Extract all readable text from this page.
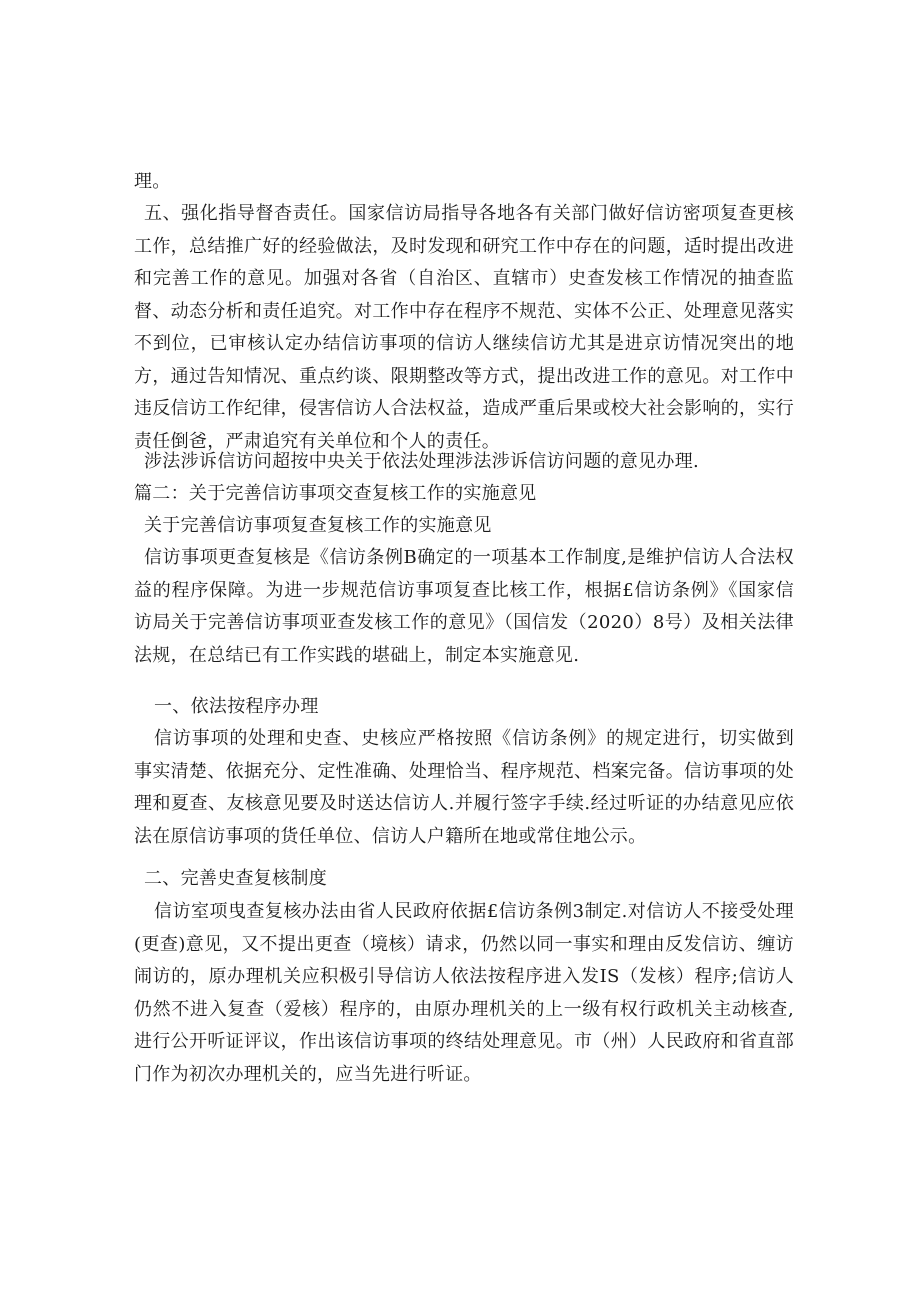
理。

五、强化指导督杳责任。国家信访局指导各地各有关部门做好信访密项复查更核工作，总结推广好的经验做法，及时发现和研究工作中存在的问题，适时提出改进和完善工作的意见。加强对各省（自治区、直辖市）史查发核工作情况的抽查监督、动态分析和责任追究。对工作中存在程序不规范、实体不公正、处理意见落实不到位，已审核认定办结信访事项的信访人继续信访尤其是进京访情况突出的地方，通过告知情况、重点约谈、限期整改等方式，提出改进工作的意见。对工作中违反信访工作纪律，侵害信访人合法权益，造成严重后果或校大社会影响的，实行责任倒爸，严肃追究有关单位和个人的责任。

涉法涉诉信访问超按中央关于依法处理涉法涉诉信访问题的意见办理.

篇二：关于完善信访事项交查复核工作的实施意见

关于完善信访事项复查复核工作的实施意见

信访事项更查复核是《信访条例B确定的一项基本工作制度,是维护信访人合法权益的程序保障。为进一步规范信访事项复查比核工作，根据£信访条例》《国家信访局关于完善信访事项亚查发核工作的意见》（国信发（2020）8号）及相关法律法规，在总结已有工作实践的堪础上，制定本实施意见.

一、依法按程序办理

信访事项的处理和史查、史核应严格按照《信访条例》的规定进行，切实做到事实清楚、依据充分、定性准确、处理恰当、程序规范、档案完备。信访事项的处理和夏查、友核意见要及时送达信访人.并履行签字手续.经过听证的办结意见应依法在原信访事项的货任单位、信访人户籍所在地或常住地公示。

二、完善史查复核制度

信访室项曳查复核办法由省人民政府依据£信访条例3制定.对信访人不接受处理(更查)意见，又不提出更查（境核）请求，仍然以同一事实和理由反发信访、缠访闹访的，原办理机关应积极引导信访人依法按程序进入发IS（发核）程序;信访人仍然不进入复查（爱核）程序的，由原办理机关的上一级有权行政机关主动核查,进行公开听证评议，作出该信访事项的终结处理意见。市（州）人民政府和省直部门作为初次办理机关的，应当先进行听证。
